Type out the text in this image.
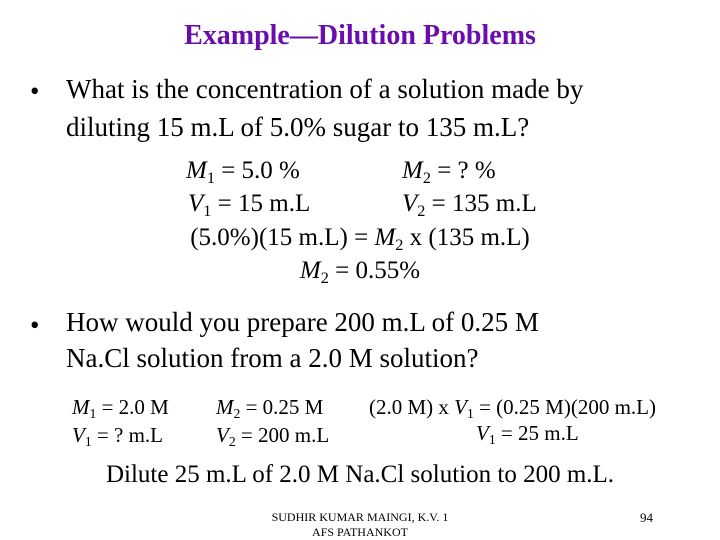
Example—Dilution Problems
• What is the concentration of a solution made by
diluting 15 m.L of 5.0% sugar to 135 m.L?
$M_1 = 5.0$ %	$M_2$ = ? %
$V_1 = 15$ m.L	$V_2 = 135$ m.L
(5.0%)(15 $m.L) = M_2$ x (135 m.L)
$M_2 = 0.55\%$
• How would you prepare 200 m.L of 0.25 M
Na.Cl solution from a 2.0 M solution?
$M_1 = 2.0$ M
$V_1$ = ? m.L
$M_2 = 0.25$ M
$V_2 = 200$ m.L
(2.0 M) x $V_1 = (0.25$ M)(200 m.L)
$V_1 = 25$ m.L
Dilute 25 m.L of 2.0 M Na.Cl solution to 200 m.L.
SUDHIR KUMAR MAINGI, K.V. 1
AFS PATHANKOT
94
